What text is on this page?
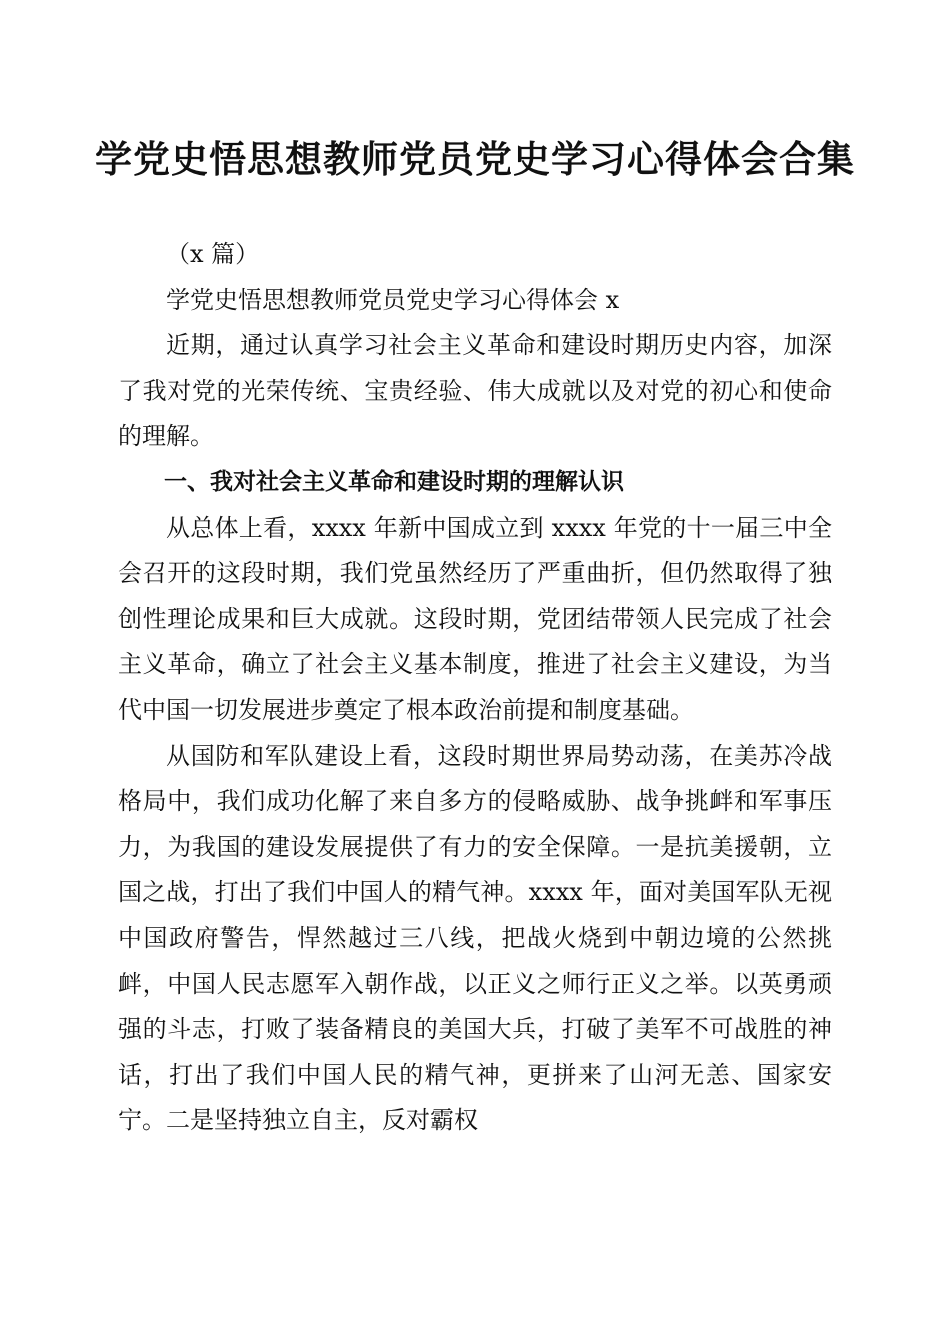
学党史悟思想教师党员党史学习心得体会合集

（x 篇）

学党史悟思想教师党员党史学习心得体会 x

近期，通过认真学习社会主义革命和建设时期历史内容，加深了我对党的光荣传统、宝贵经验、伟大成就以及对党的初心和使命的理解。

一、我对社会主义革命和建设时期的理解认识

从总体上看，xxxx 年新中国成立到 xxxx 年党的十一届三中全会召开的这段时期，我们党虽然经历了严重曲折，但仍然取得了独创性理论成果和巨大成就。这段时期，党团结带领人民完成了社会主义革命，确立了社会主义基本制度，推进了社会主义建设，为当代中国一切发展进步奠定了根本政治前提和制度基础。

从国防和军队建设上看，这段时期世界局势动荡，在美苏冷战格局中，我们成功化解了来自多方的侵略威胁、战争挑衅和军事压力，为我国的建设发展提供了有力的安全保障。一是抗美援朝，立国之战，打出了我们中国人的精气神。xxxx 年，面对美国军队无视中国政府警告，悍然越过三八线，把战火烧到中朝边境的公然挑衅，中国人民志愿军入朝作战，以正义之师行正义之举。以英勇顽强的斗志，打败了装备精良的美国大兵，打破了美军不可战胜的神话，打出了我们中国人民的精气神，更拼来了山河无恙、国家安宁。二是坚持独立自主，反对霸权
